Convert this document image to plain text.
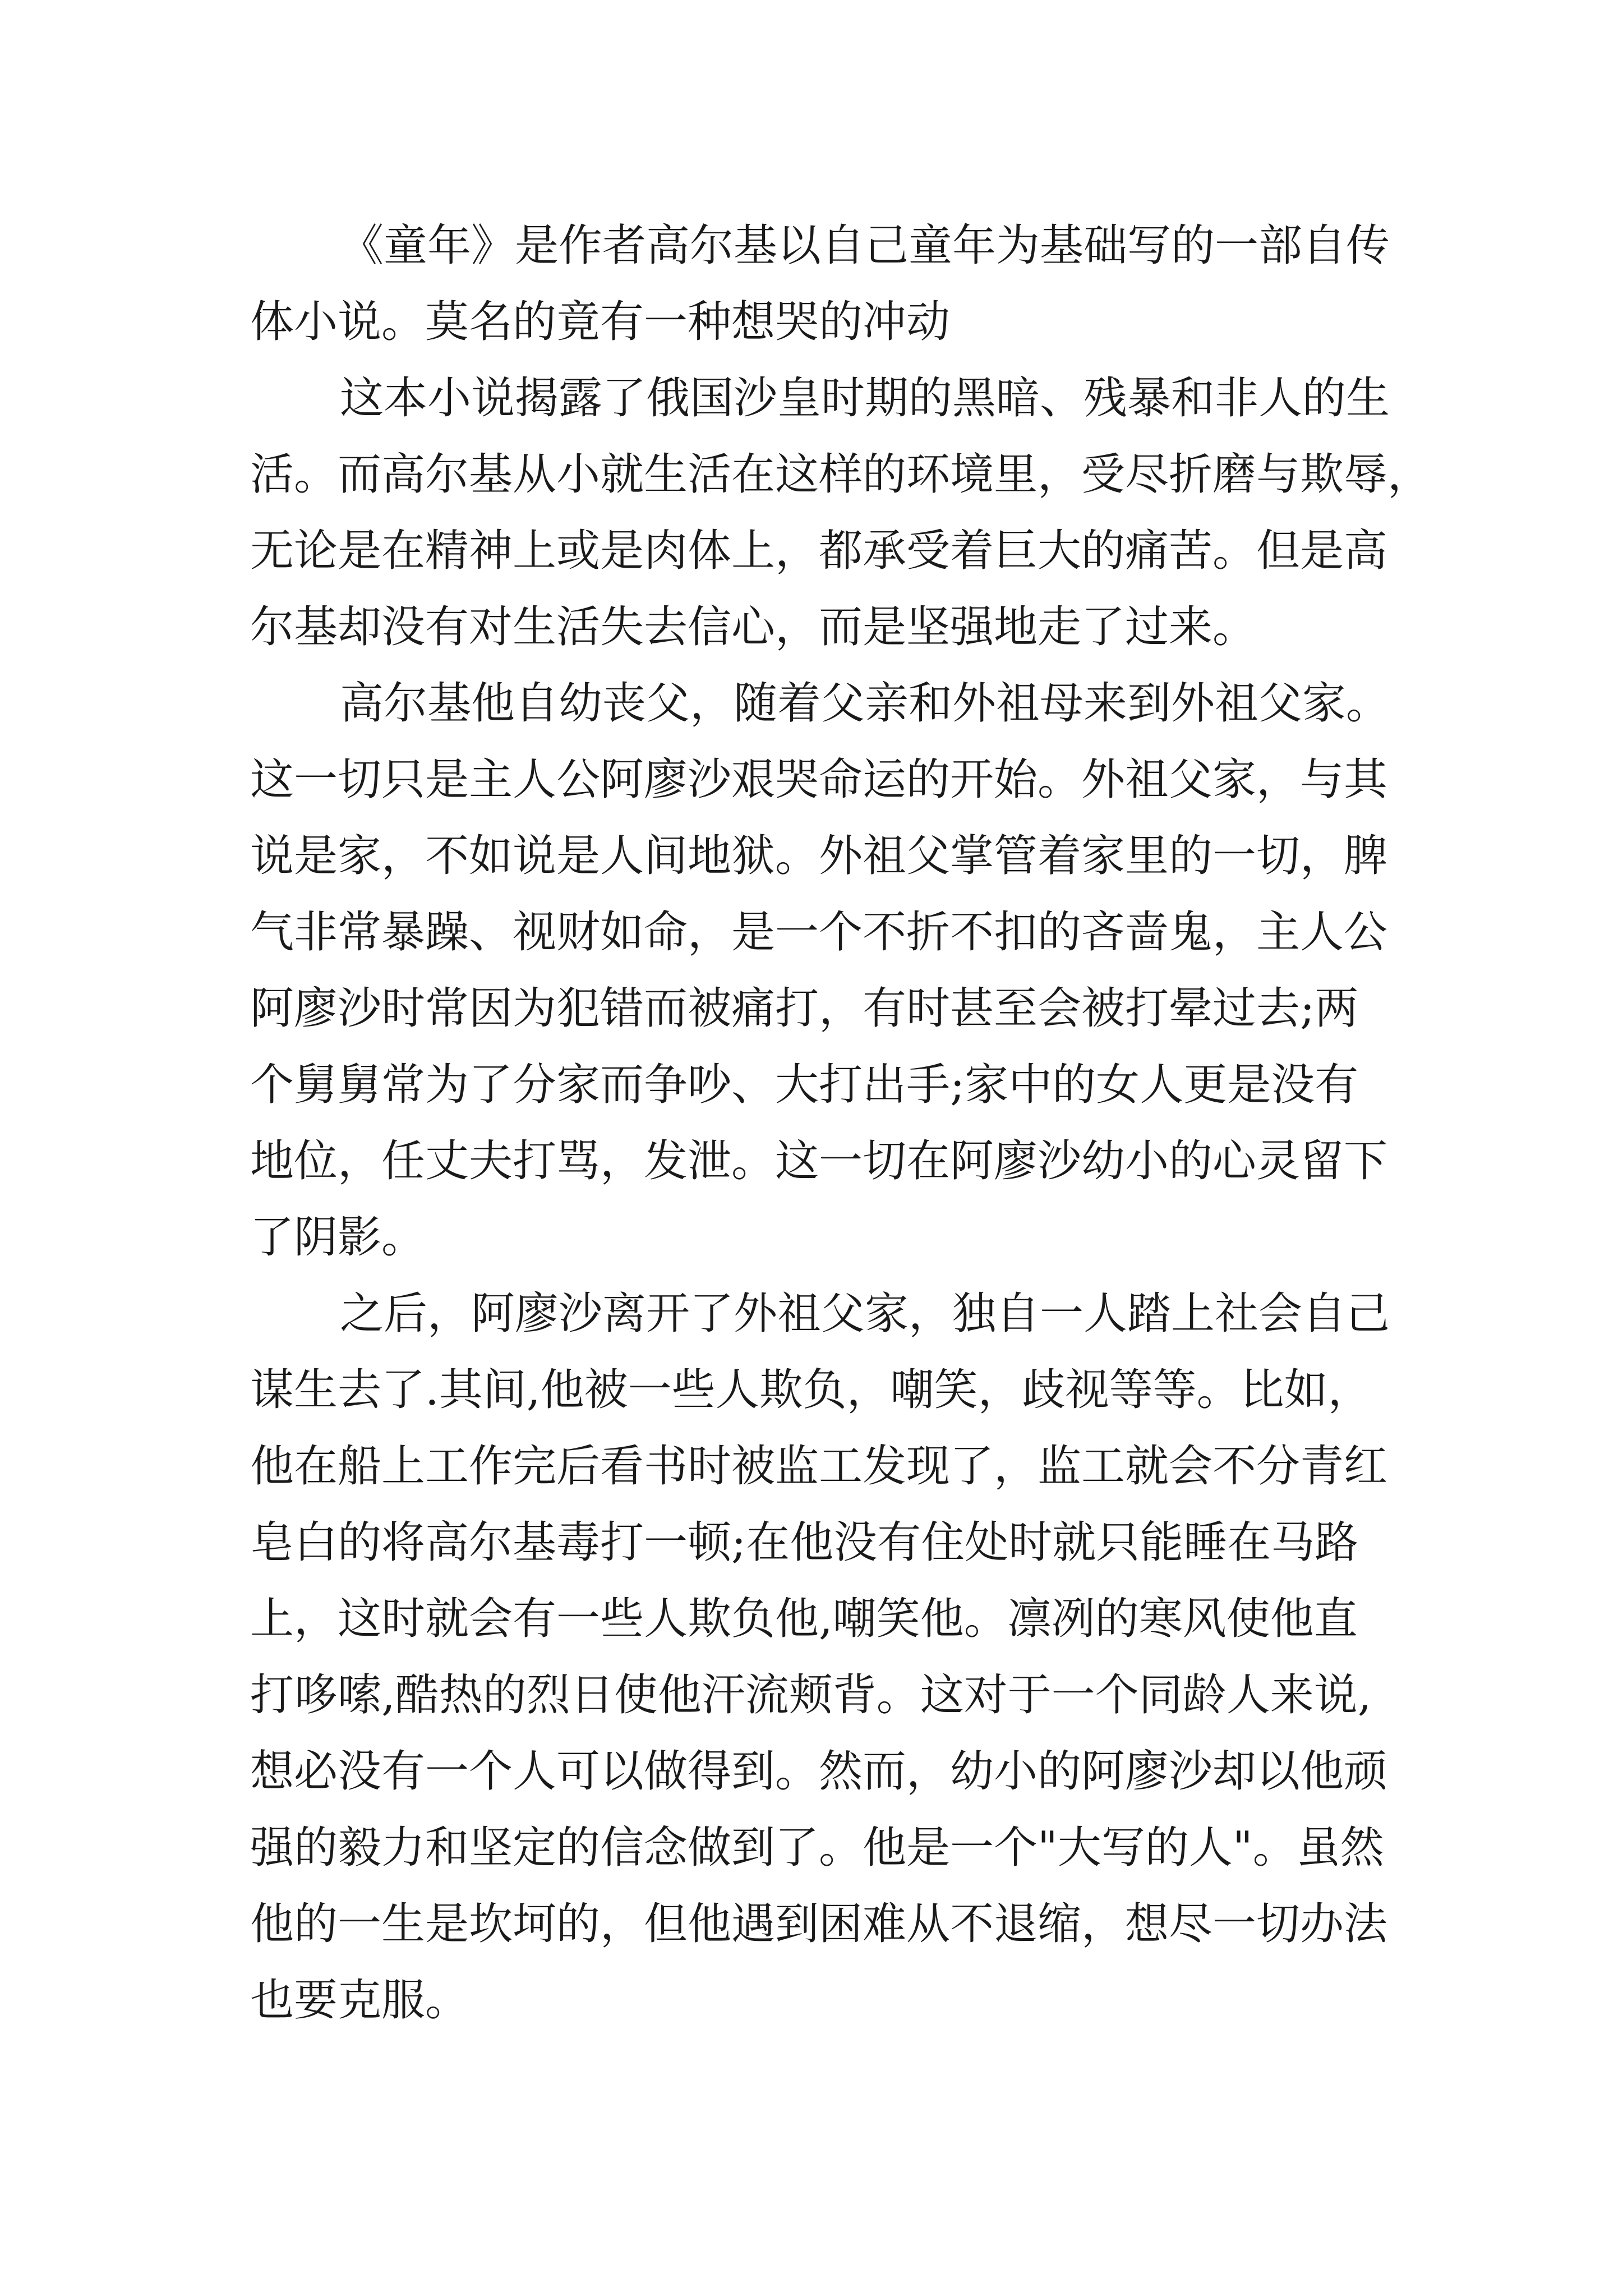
《童年》是作者高尔基以自己童年为基础写的一部自传
体小说。莫名的竟有一种想哭的冲动
这本小说揭露了俄国沙皇时期的黑暗、残暴和非人的生
活。而高尔基从小就生活在这样的环境里，受尽折磨与欺辱，
无论是在精神上或是肉体上，都承受着巨大的痛苦。但是高
尔基却没有对生活失去信心，而是坚强地走了过来。
高尔基他自幼丧父，随着父亲和外祖母来到外祖父家。
这一切只是主人公阿廖沙艰哭命运的开始。外祖父家，与其
说是家，不如说是人间地狱。外祖父掌管着家里的一切，脾
气非常暴躁、视财如命，是一个不折不扣的吝啬鬼，主人公
阿廖沙时常因为犯错而被痛打，有时甚至会被打晕过去;两
个舅舅常为了分家而争吵、大打出手;家中的女人更是没有
地位，任丈夫打骂，发泄。这一切在阿廖沙幼小的心灵留下
了阴影。
之后，阿廖沙离开了外祖父家，独自一人踏上社会自己
谋生去了.其间,他被一些人欺负，嘲笑，歧视等等。比如，
他在船上工作完后看书时被监工发现了，监工就会不分青红
皂白的将高尔基毒打一顿;在他没有住处时就只能睡在马路
上，这时就会有一些人欺负他,嘲笑他。凛冽的寒风使他直
打哆嗦,酷热的烈日使他汗流颊背。这对于一个同龄人来说,
想必没有一个人可以做得到。然而，幼小的阿廖沙却以他顽
强的毅力和坚定的信念做到了。他是一个"大写的人"。虽然
他的一生是坎坷的，但他遇到困难从不退缩，想尽一切办法
也要克服。
